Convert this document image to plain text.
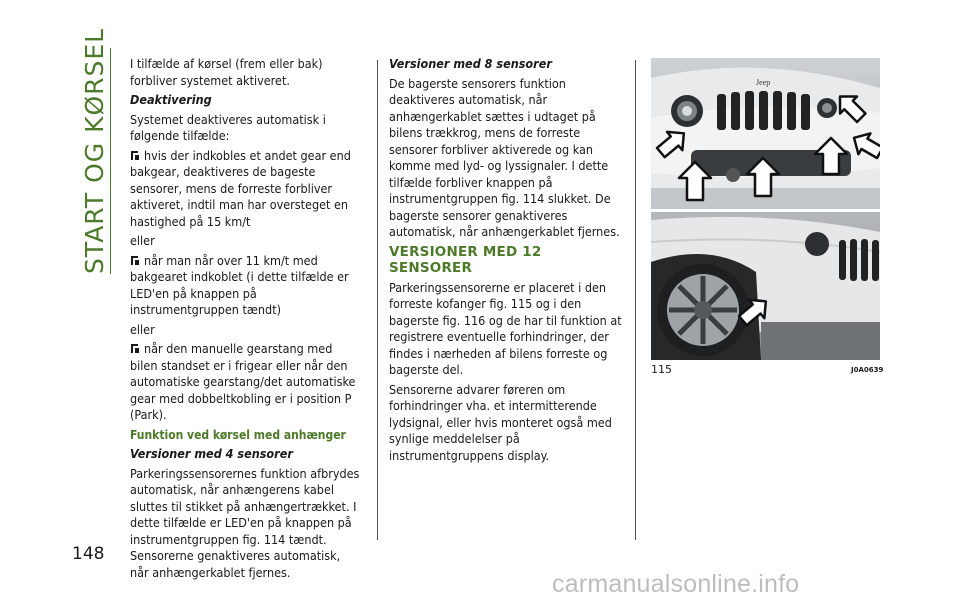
START OG KØRSEL
148

I tilfælde af kørsel (frem eller bak) forbliver systemet aktiveret.

Deaktivering

Systemet deaktiveres automatisk i følgende tilfælde:

hvis der indkobles et andet gear end bakgear, deaktiveres de bageste sensorer, mens de forreste forbliver aktiveret, indtil man har oversteget en hastighed på 15 km/t

eller

når man når over 11 km/t med bakgearet indkoblet (i dette tilfælde er LED'en på knappen på instrumentgruppen tændt)

eller

når den manuelle gearstang med bilen standset er i frigear eller når den automatiske gearstang/det automatiske gear med dobbeltkobling er i position P (Park).

Funktion ved kørsel med anhænger

Versioner med 4 sensorer

Parkeringssensorernes funktion afbrydes automatisk, når anhængerens kabel sluttes til stikket på anhængertrækket. I dette tilfælde er LED'en på knappen på instrumentgruppen fig. 114 tændt. Sensorerne genaktiveres automatisk, når anhængerkablet fjernes.

Versioner med 8 sensorer

De bagerste sensorers funktion deaktiveres automatisk, når anhængerkablet sættes i udtaget på bilens trækkrog, mens de forreste sensorer forbliver aktiverede og kan komme med lyd- og lyssignaler. I dette tilfælde forbliver knappen på instrumentgruppen fig. 114 slukket. De bagerste sensorer genaktiveres automatisk, når anhængerkablet fjernes.

VERSIONER MED 12 SENSORER

Parkeringssensorerne er placeret i den forreste kofanger fig. 115 og i den bagerste fig. 116 og de har til funktion at registrere eventuelle forhindringer, der findes i nærheden af bilens forreste og bagerste del.

Sensorerne advarer føreren om forhindringer vha. et intermitterende lydsignal, eller hvis monteret også med synlige meddelelser på instrumentgruppens display.

Jeep
115	J0A0639
carmanualsonline.info
